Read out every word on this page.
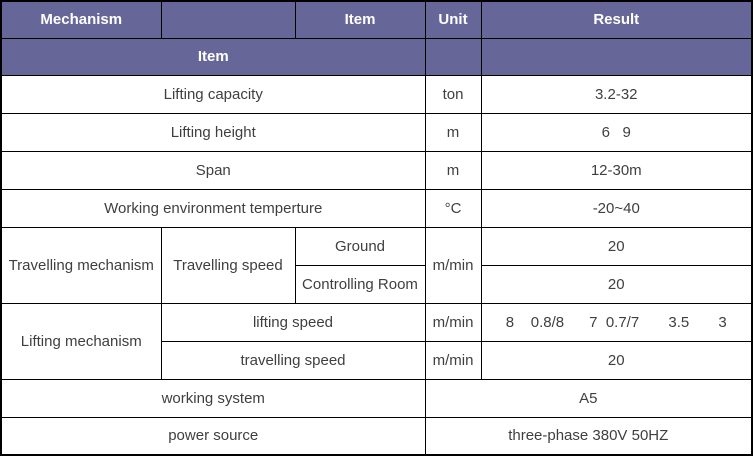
Mechanism		Item	Unit	Result
Item				
Lifting capacity			ton	3.2-32
Lifting height			m	6   9
Span			m	12-30m
Working environment temperture			°C	-20~40
Travelling mechanism	Travelling speed	Ground	m/min	20
		Controlling Room		20
Lifting mechanism	lifting speed		m/min	8    0.8/8      7  0.7/7       3.5       3
	travelling speed		m/min	20
working system			A5	
power source			three-phase 380V 50HZ	
